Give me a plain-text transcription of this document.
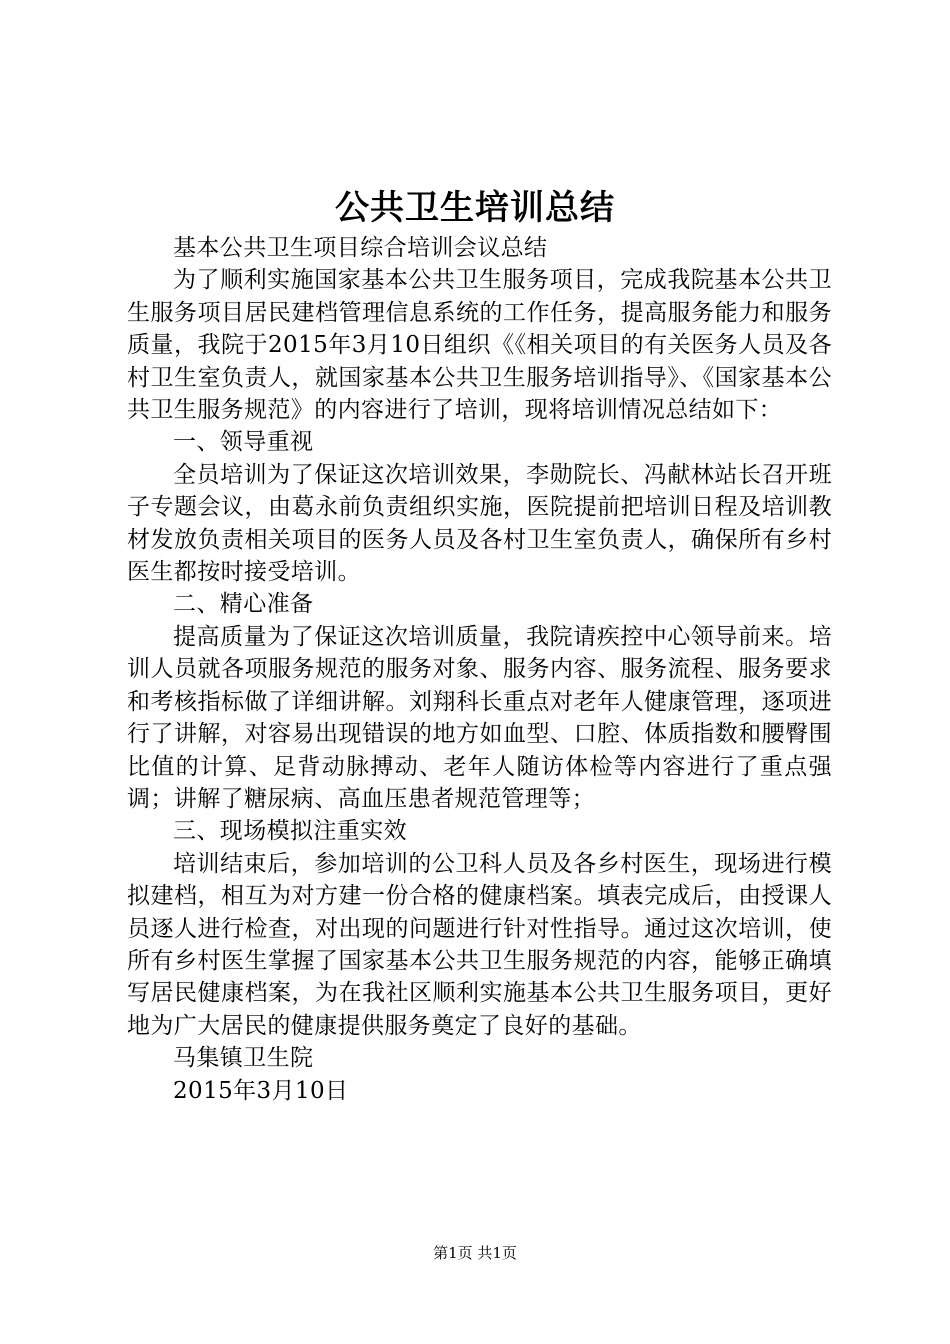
公共卫生培训总结

基本公共卫生项目综合培训会议总结

为了顺利实施国家基本公共卫生服务项目，完成我院基本公共卫生服务项目居民建档管理信息系统的工作任务，提高服务能力和服务质量，我院于2015年3月10日组织《《相关项目的有关医务人员及各村卫生室负责人，就国家基本公共卫生服务培训指导》、《国家基本公共卫生服务规范》的内容进行了培训，现将培训情况总结如下：

一、领导重视

全员培训为了保证这次培训效果，李勋院长、冯献林站长召开班子专题会议，由葛永前负责组织实施，医院提前把培训日程及培训教材发放负责相关项目的医务人员及各村卫生室负责人，确保所有乡村医生都按时接受培训。

二、精心准备

提高质量为了保证这次培训质量，我院请疾控中心领导前来。培训人员就各项服务规范的服务对象、服务内容、服务流程、服务要求和考核指标做了详细讲解。刘翔科长重点对老年人健康管理，逐项进行了讲解，对容易出现错误的地方如血型、口腔、体质指数和腰臀围比值的计算、足背动脉搏动、老年人随访体检等内容进行了重点强调；讲解了糖尿病、高血压患者规范管理等；

三、现场模拟注重实效

培训结束后，参加培训的公卫科人员及各乡村医生，现场进行模拟建档，相互为对方建一份合格的健康档案。填表完成后，由授课人员逐人进行检查，对出现的问题进行针对性指导。通过这次培训，使所有乡村医生掌握了国家基本公共卫生服务规范的内容，能够正确填写居民健康档案，为在我社区顺利实施基本公共卫生服务项目，更好地为广大居民的健康提供服务奠定了良好的基础。

马集镇卫生院

2015年3月10日

第1页 共1页
